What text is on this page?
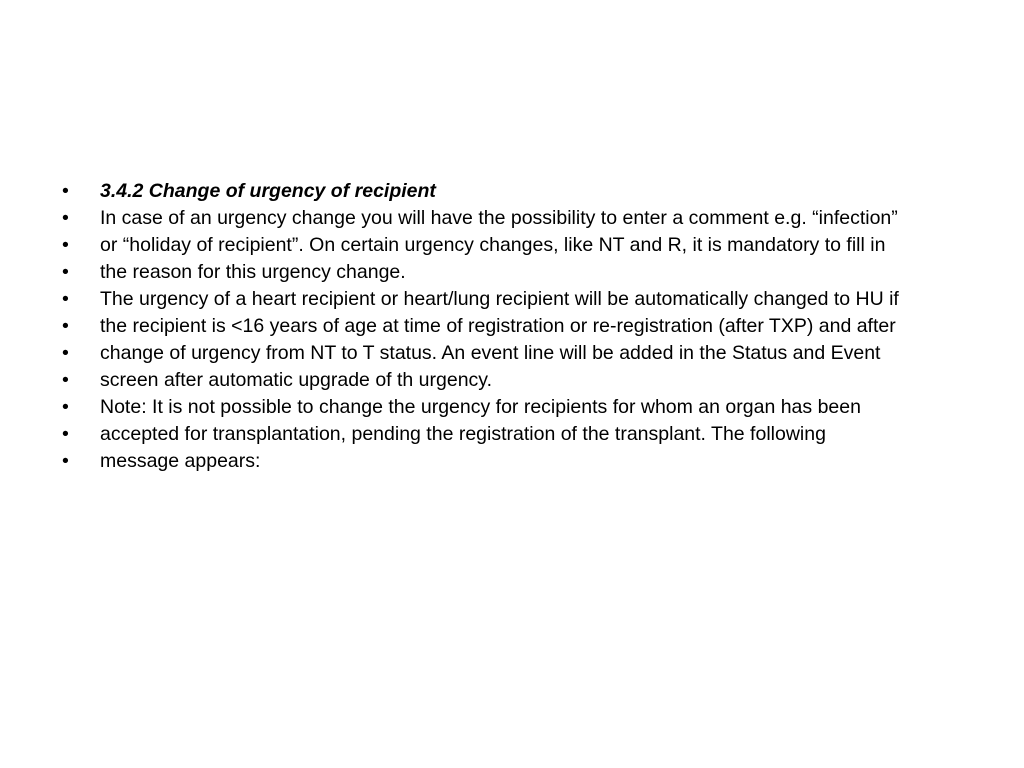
•	3.4.2 Change of urgency of recipient
•	In case of an urgency change you will have the possibility to enter a comment e.g. “infection”
•	or “holiday of recipient”. On certain urgency changes, like NT and R, it is mandatory to fill in
•	the reason for this urgency change.
•	The urgency of a heart recipient or heart/lung recipient will be automatically changed to HU if
•	the recipient is <16 years of age at time of registration or re-registration (after TXP) and after
•	change of urgency from NT to T status. An event line will be added in the Status and Event
•	screen after automatic upgrade of th urgency.
•	Note: It is not possible to change the urgency for recipients for whom an organ has been
•	accepted for transplantation, pending the registration of the transplant. The following
•	message appears:
